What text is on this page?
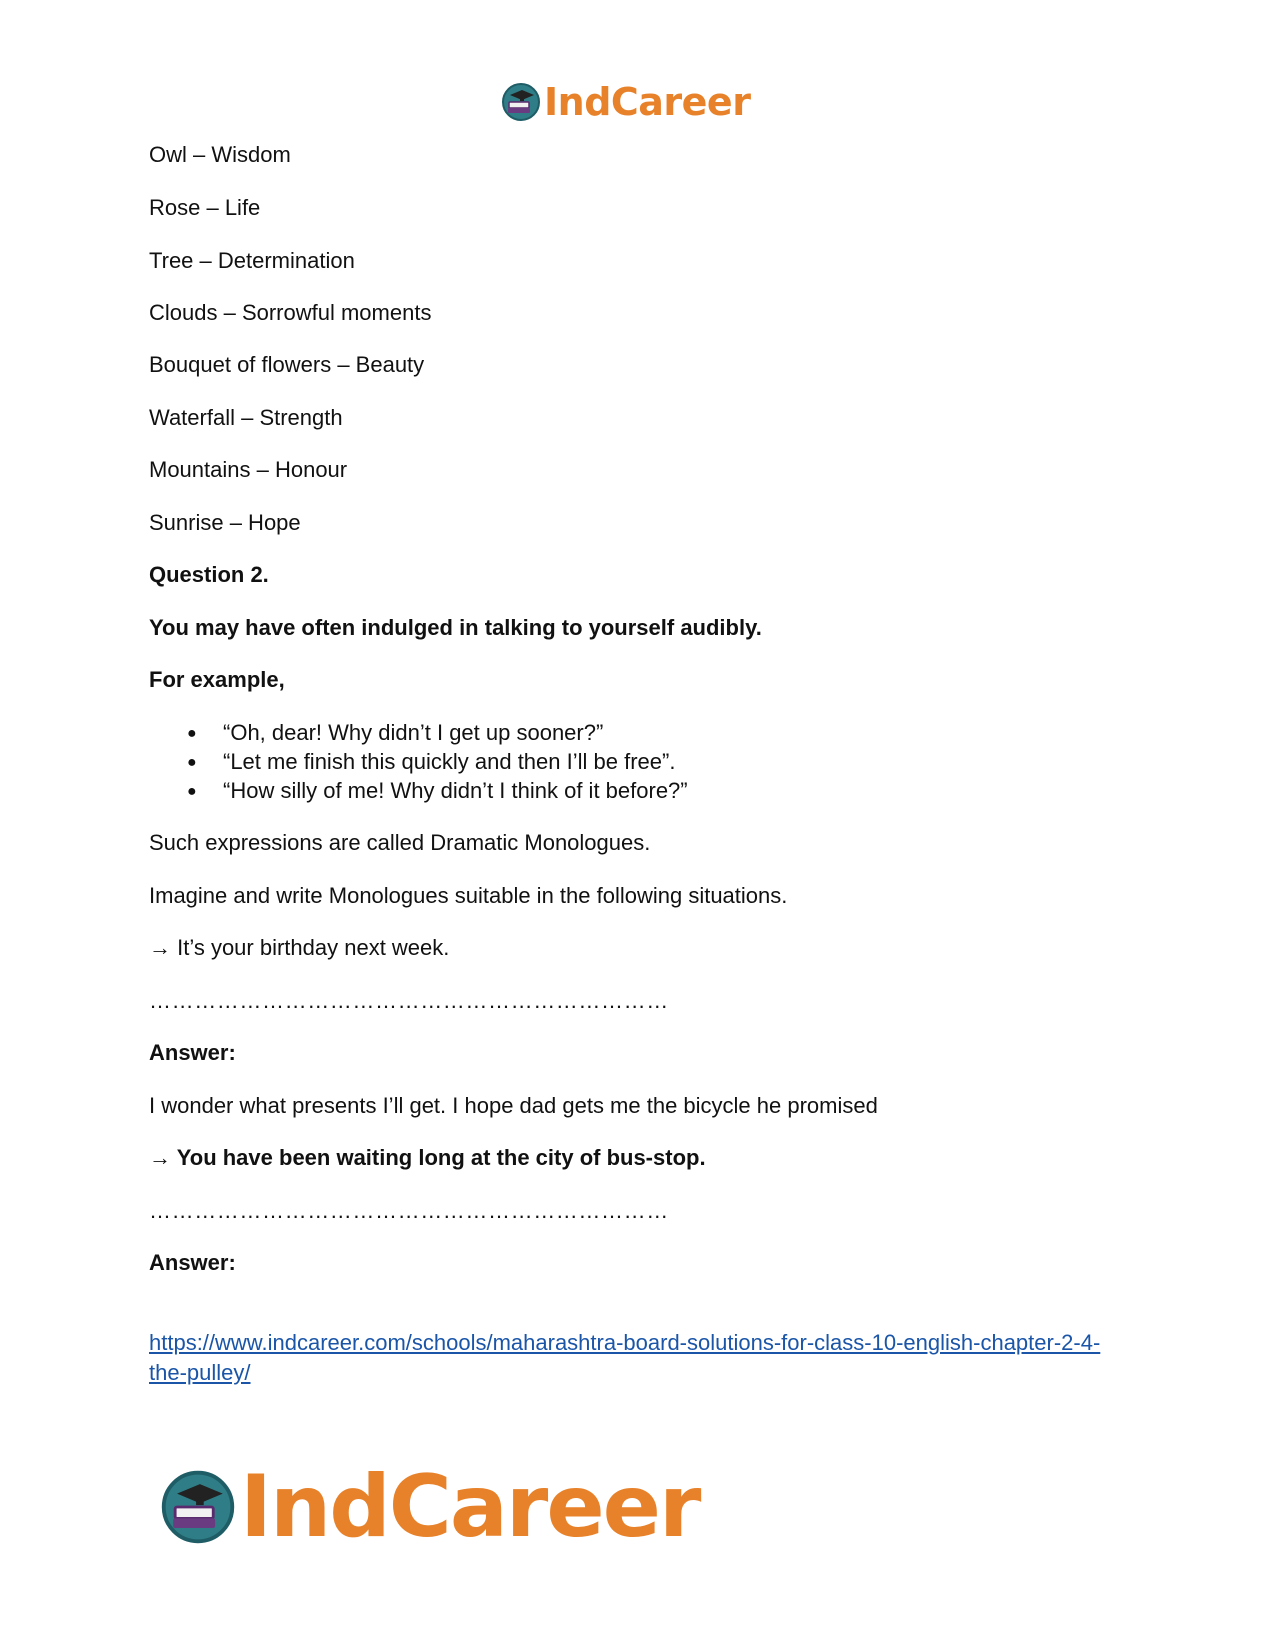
IndCareer
Owl – Wisdom
Rose – Life
Tree – Determination
Clouds – Sorrowful moments
Bouquet of flowers – Beauty
Waterfall – Strength
Mountains – Honour
Sunrise – Hope
Question 2.
You may have often indulged in talking to yourself audibly.
For example,
● “Oh, dear! Why didn’t I get up sooner?”
● “Let me finish this quickly and then I’ll be free”.
● “How silly of me! Why didn’t I think of it before?”
Such expressions are called Dramatic Monologues.
Imagine and write Monologues suitable in the following situations.
→ It’s your birthday next week.
……………………………………………………………
Answer:
I wonder what presents I’ll get. I hope dad gets me the bicycle he promised
→ You have been waiting long at the city of bus-stop.
……………………………………………………………
Answer:
https://www.indcareer.com/schools/maharashtra-board-solutions-for-class-10-english-chapter-2-4-the-pulley/
IndCareer
